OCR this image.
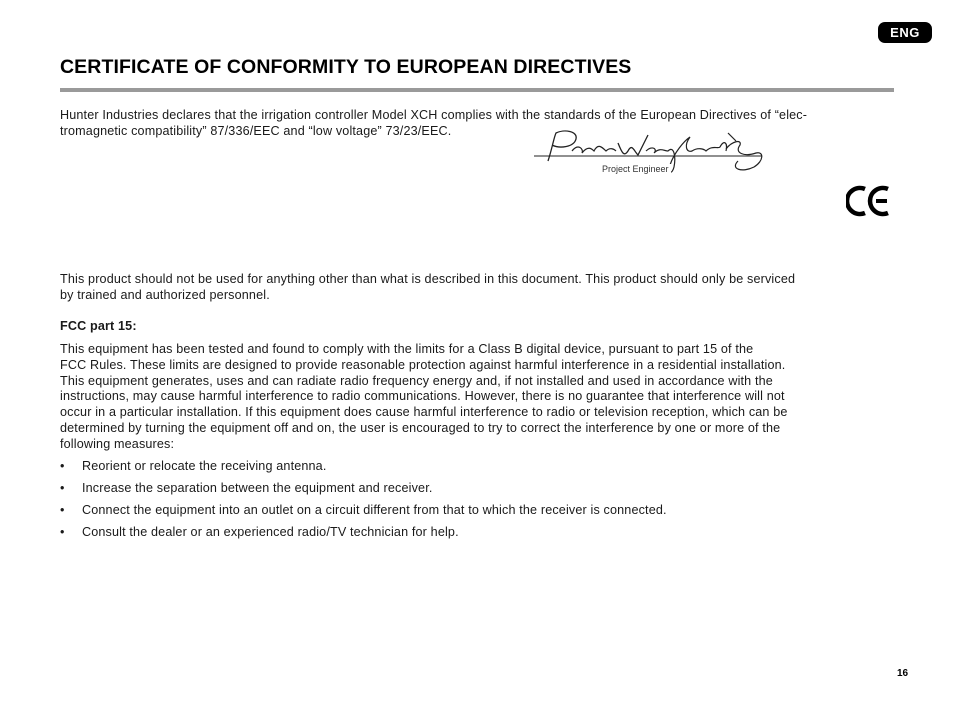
ENG
CERTIFICATE OF CONFORMITY TO EUROPEAN DIRECTIVES
Hunter Industries declares that the irrigation controller Model XCH complies with the standards of the European Directives of “elec-
tromagnetic compatibility” 87/336/EEC and “low voltage” 73/23/EEC.
Project Engineer
This product should not be used for anything other than what is described in this document. This product should only be serviced
by trained and authorized personnel.
FCC part 15:
This equipment has been tested and found to comply with the limits for a Class B digital device, pursuant to part 15 of the
FCC Rules. These limits are designed to provide reasonable protection against harmful interference in a residential installation.
This equipment generates, uses and can radiate radio frequency energy and, if not installed and used in accordance with the
instructions, may cause harmful interference to radio communications. However, there is no guarantee that interference will not
occur in a particular installation. If this equipment does cause harmful interference to radio or television reception, which can be
determined by turning the equipment off and on, the user is encouraged to try to correct the interference by one or more of the
following measures:
• Reorient or relocate the receiving antenna.
• Increase the separation between the equipment and receiver.
• Connect the equipment into an outlet on a circuit different from that to which the receiver is connected.
• Consult the dealer or an experienced radio/TV technician for help.
16
